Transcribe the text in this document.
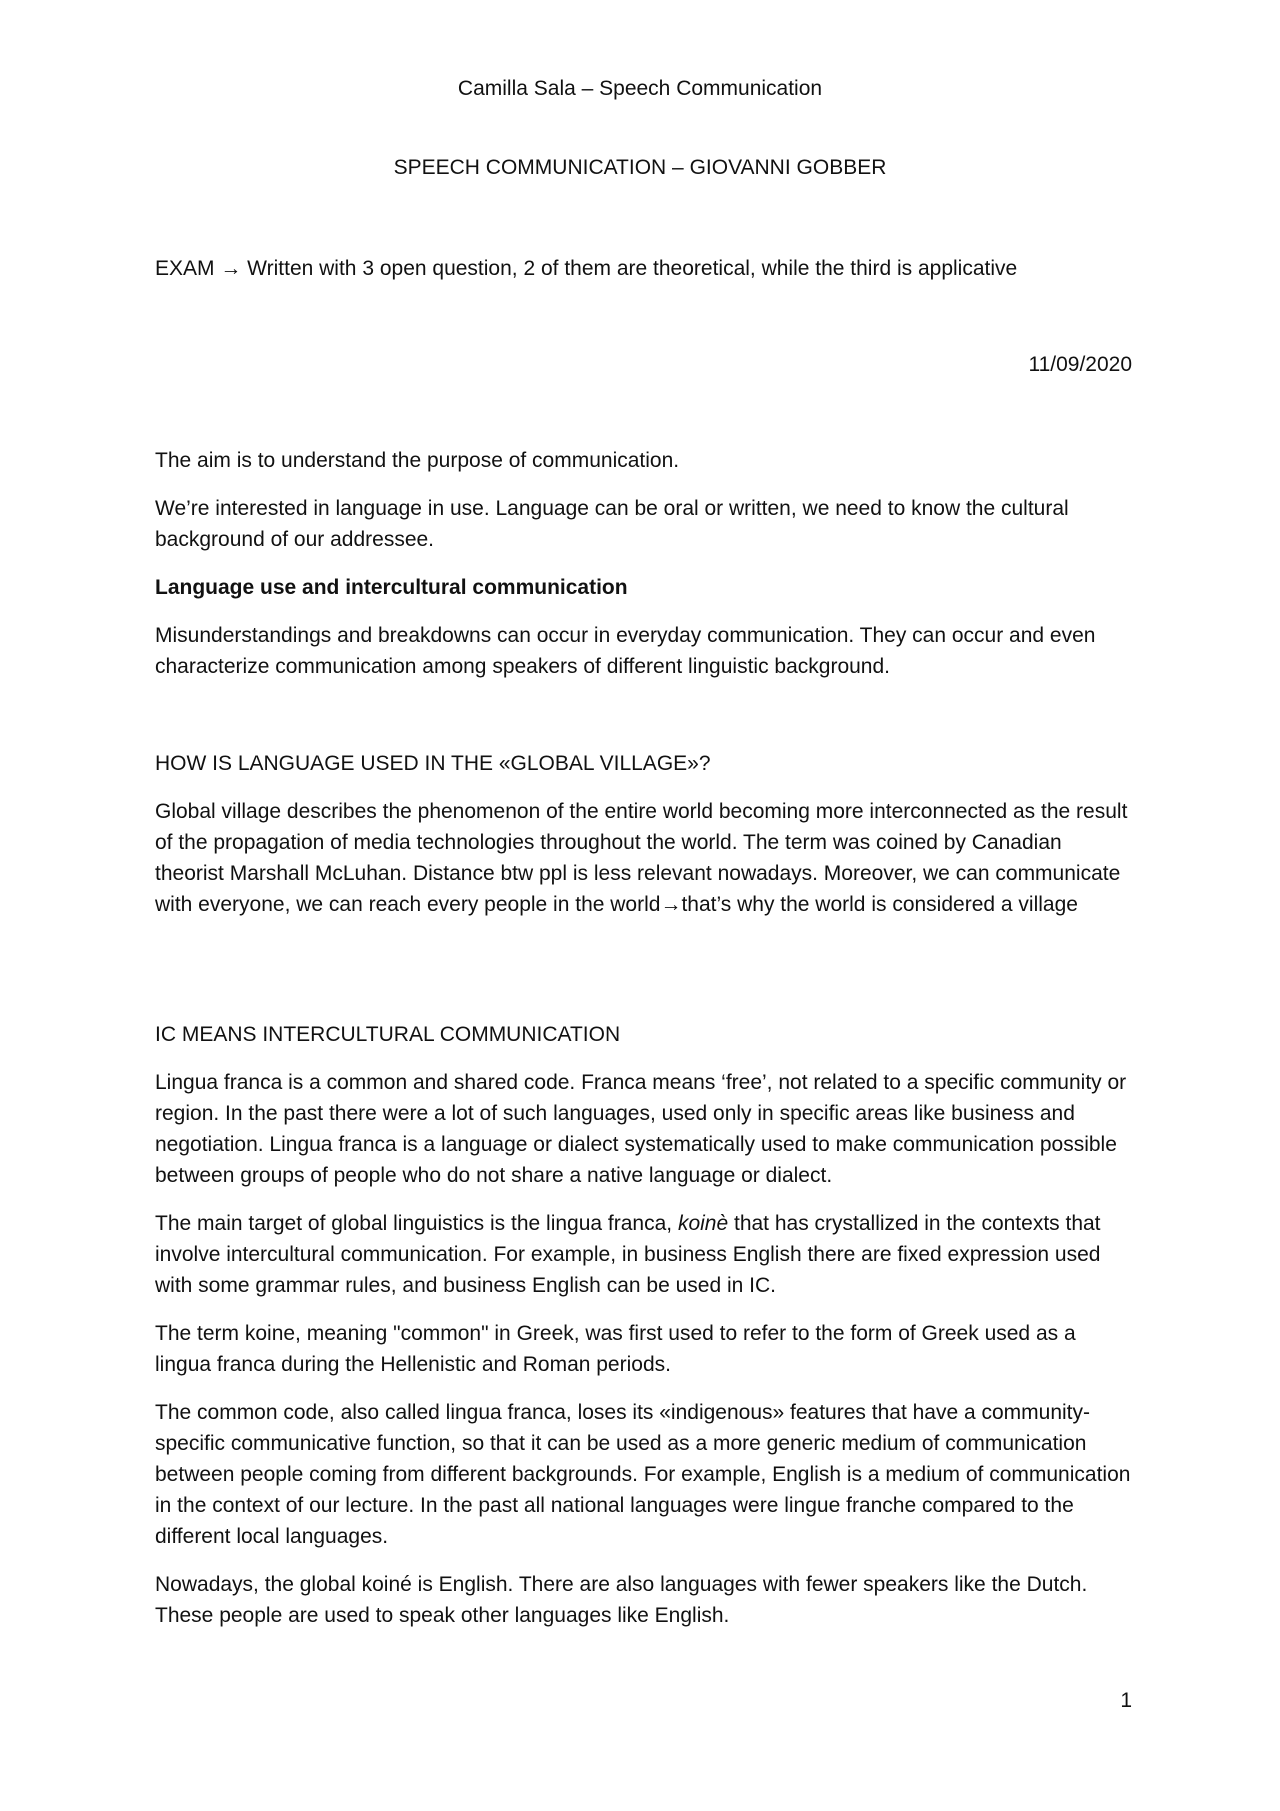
Camilla Sala – Speech Communication
SPEECH COMMUNICATION – GIOVANNI GOBBER

EXAM → Written with 3 open question, 2 of them are theoretical, while the third is applicative

11/09/2020

The aim is to understand the purpose of communication.

We’re interested in language in use. Language can be oral or written, we need to know the cultural background of our addressee.

Language use and intercultural communication

Misunderstandings and breakdowns can occur in everyday communication. They can occur and even characterize communication among speakers of different linguistic background.

HOW IS LANGUAGE USED IN THE «GLOBAL VILLAGE»?

Global village describes the phenomenon of the entire world becoming more interconnected as the result of the propagation of media technologies throughout the world. The term was coined by Canadian theorist Marshall McLuhan. Distance btw ppl is less relevant nowadays. Moreover, we can communicate with everyone, we can reach every people in the world→that’s why the world is considered a village

IC MEANS INTERCULTURAL COMMUNICATION

Lingua franca is a common and shared code. Franca means ‘free’, not related to a specific community or region. In the past there were a lot of such languages, used only in specific areas like business and negotiation. Lingua franca is a language or dialect systematically used to make communication possible between groups of people who do not share a native language or dialect.

The main target of global linguistics is the lingua franca, koinè that has crystallized in the contexts that involve intercultural communication. For example, in business English there are fixed expression used with some grammar rules, and business English can be used in IC.

The term koine, meaning "common" in Greek, was first used to refer to the form of Greek used as a lingua franca during the Hellenistic and Roman periods.

The common code, also called lingua franca, loses its «indigenous» features that have a community-specific communicative function, so that it can be used as a more generic medium of communication between people coming from different backgrounds. For example, English is a medium of communication in the context of our lecture. In the past all national languages were lingue franche compared to the different local languages.

Nowadays, the global koiné is English. There are also languages with fewer speakers like the Dutch. These people are used to speak other languages like English.

1
